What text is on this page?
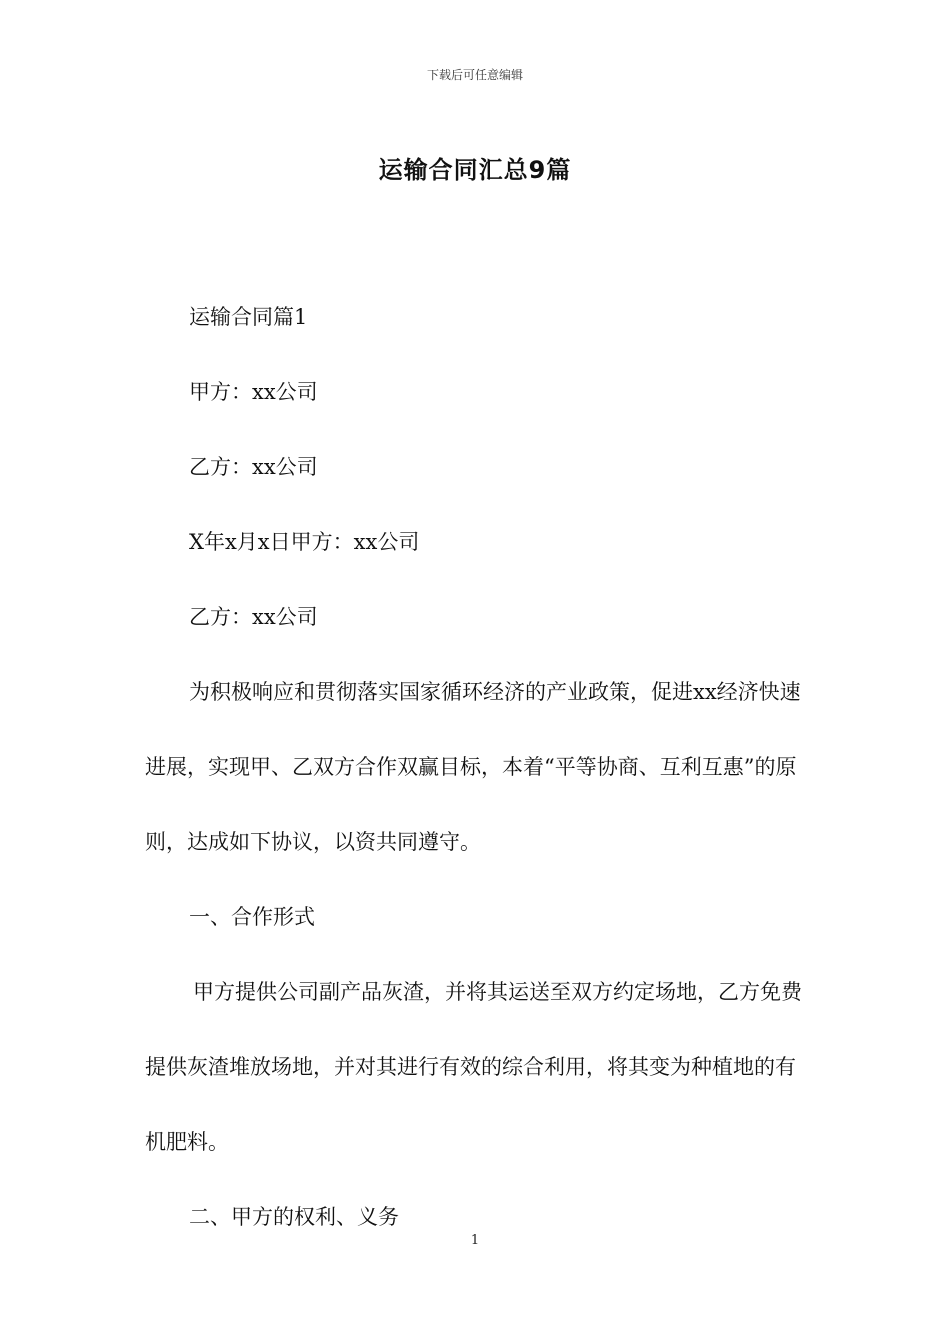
下载后可任意编辑
运输合同汇总9篇

运输合同篇1

甲方：xx公司

乙方：xx公司

X年x月x日甲方：xx公司

乙方：xx公司

为积极响应和贯彻落实国家循环经济的产业政策，促进xx经济快速进展，实现甲、乙双方合作双赢目标，本着“平等协商、互利互惠”的原则，达成如下协议，以资共同遵守。

一、合作形式

甲方提供公司副产品灰渣，并将其运送至双方约定场地，乙方免费提供灰渣堆放场地，并对其进行有效的综合利用，将其变为种植地的有机肥料。

二、甲方的权利、义务

1
